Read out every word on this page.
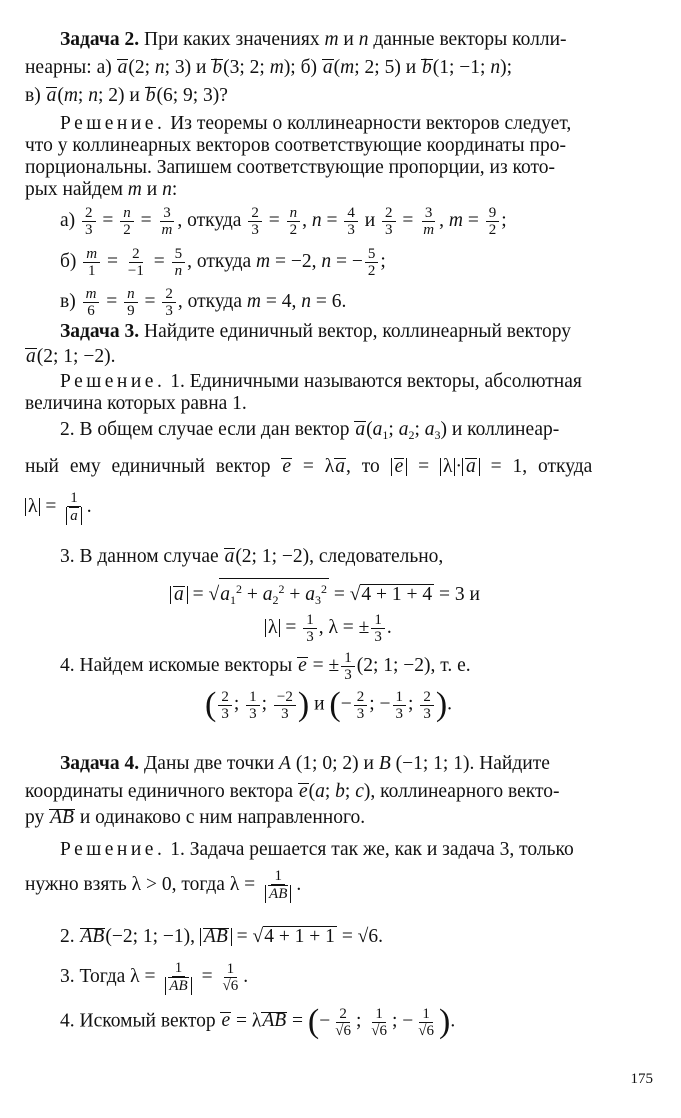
Задача 2. При каких значениях m и n данные векторы колли-
неарны: а) a(2; n; 3) и b(3; 2; m); б) a(m; 2; 5) и b(1; −1; n);
в) a(m; n; 2) и b(6; 9; 3)?
Решение. Из теоремы о коллинеарности векторов следует,
что у коллинеарных векторов соответствующие координаты про-
порциональны. Запишем соответствующие пропорции, из кото-
рых найдем m и n:
$а) \frac{2}{3} = \frac{n}{2} = \frac{3}{m}$ , откуда $\frac{2}{3} = \frac{n}{2}$ , $n = \frac{4}{3}$ и $\frac{2}{3} = \frac{3}{m}$ , $m = \frac{9}{2}$ ;
$б) \frac{m}{1} = \frac{2}{-1} = \frac{5}{n}$ , откуда m = −2, n = − $\frac{5}{2}$ ;
$в) \frac{m}{6} = \frac{n}{9} = \frac{2}{3}$ , откуда m = 4, n = 6.
Задача 3. Найдите единичный вектор, коллинеарный вектору
a(2; 1; −2).
Решение. 1. Единичными называются векторы, абсолютная
величина которых равна 1.
2. В общем случае если дан вектор $a(a_1$; $a_2$; $a_3$) и коллинеар-
ный ему единичный вектор e = λa, то e = λ · a = 1, откуда
$\lambda = \frac{1}{a}$ .
3. В данном случае a(2; 1; −2), следовательно,
$a = √a_1^2 + a_2^2 + a_3^2 = √4 + 1 + 4 = 3$ и
$\lambda = \frac{1}{3}$ , λ = ± $\frac{1}{3}$ .
4. Найдем искомые векторы e = ± $\frac{1}{3} (2$; 1; −2), т. е.
( $\frac{2}{3}$ ; $\frac{1}{3}$ ; $\frac{-2}{3}$ ) и (− $\frac{2}{3}$ ; − $\frac{1}{3}$ ; $\frac{2}{3}$ ).
Задача 4. Даны две точки A (1; 0; 2) и B (−1; 1; 1). Найдите
координаты единичного вектора e(a; b; c), коллинеарного векто-
ру AB и одинаково с ним направленного.
Решение. 1. Задача решается так же, как и задача 3, только
нужно взять λ > 0, тогда $\lambda = \frac{1}{AB}$ .
2. AB(−2; 1; −1), AB = √4 + 1 + 1 = √6.
3. Тогда $\lambda = \frac{1}{AB} = \frac{1}{√6}$ .
4. Искомый вектор e = λAB = (− $\frac{2}{√6}$ ; $\frac{1}{√6}$ ; − $\frac{1}{√6}$ ).
175
